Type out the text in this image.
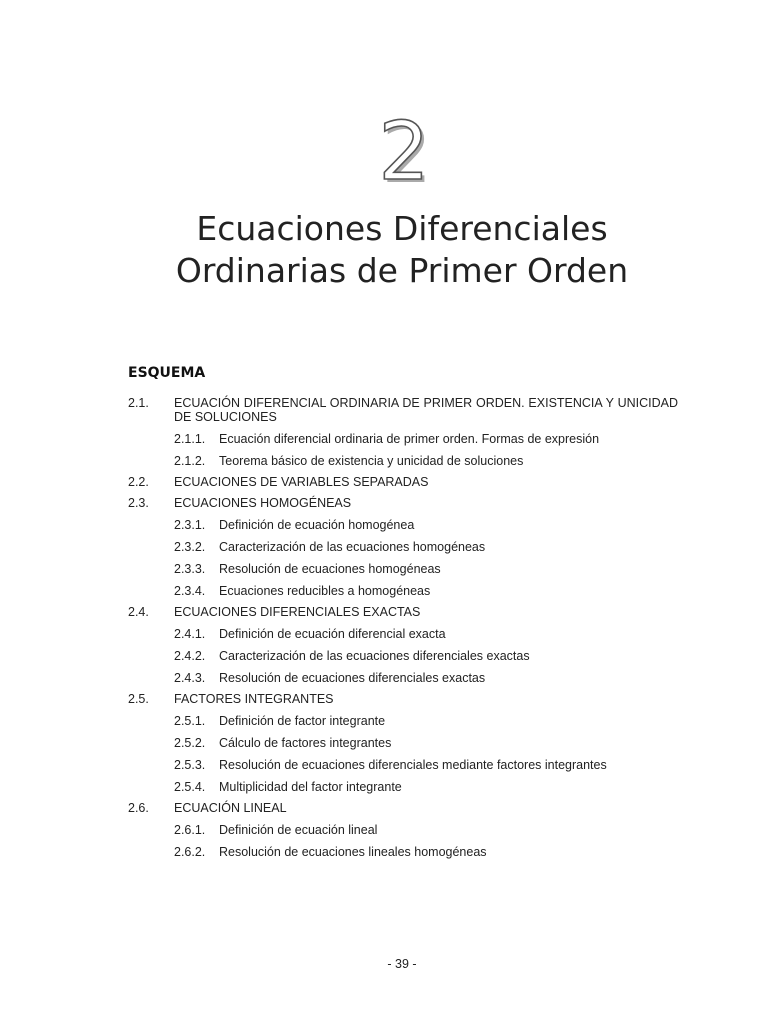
2
Ecuaciones Diferenciales
Ordinarias de Primer Orden
ESQUEMA
2.1.	ECUACIÓN DIFERENCIAL ORDINARIA DE PRIMER ORDEN. EXISTENCIA Y UNICIDAD DE SOLUCIONES
2.1.1.	Ecuación diferencial ordinaria de primer orden. Formas de expresión
2.1.2.	Teorema básico de existencia y unicidad de soluciones
2.2.	ECUACIONES DE VARIABLES SEPARADAS
2.3.	ECUACIONES HOMOGÉNEAS
2.3.1.	Definición de ecuación homogénea
2.3.2.	Caracterización de las ecuaciones homogéneas
2.3.3.	Resolución de ecuaciones homogéneas
2.3.4.	Ecuaciones reducibles a homogéneas
2.4.	ECUACIONES DIFERENCIALES EXACTAS
2.4.1.	Definición de ecuación diferencial exacta
2.4.2.	Caracterización de las ecuaciones diferenciales exactas
2.4.3.	Resolución de ecuaciones diferenciales exactas
2.5.	FACTORES INTEGRANTES
2.5.1.	Definición de factor integrante
2.5.2.	Cálculo de factores integrantes
2.5.3.	Resolución de ecuaciones diferenciales mediante factores integrantes
2.5.4.	Multiplicidad del factor integrante
2.6.	ECUACIÓN LINEAL
2.6.1.	Definición de ecuación lineal
2.6.2.	Resolución de ecuaciones lineales homogéneas
- 39 -
